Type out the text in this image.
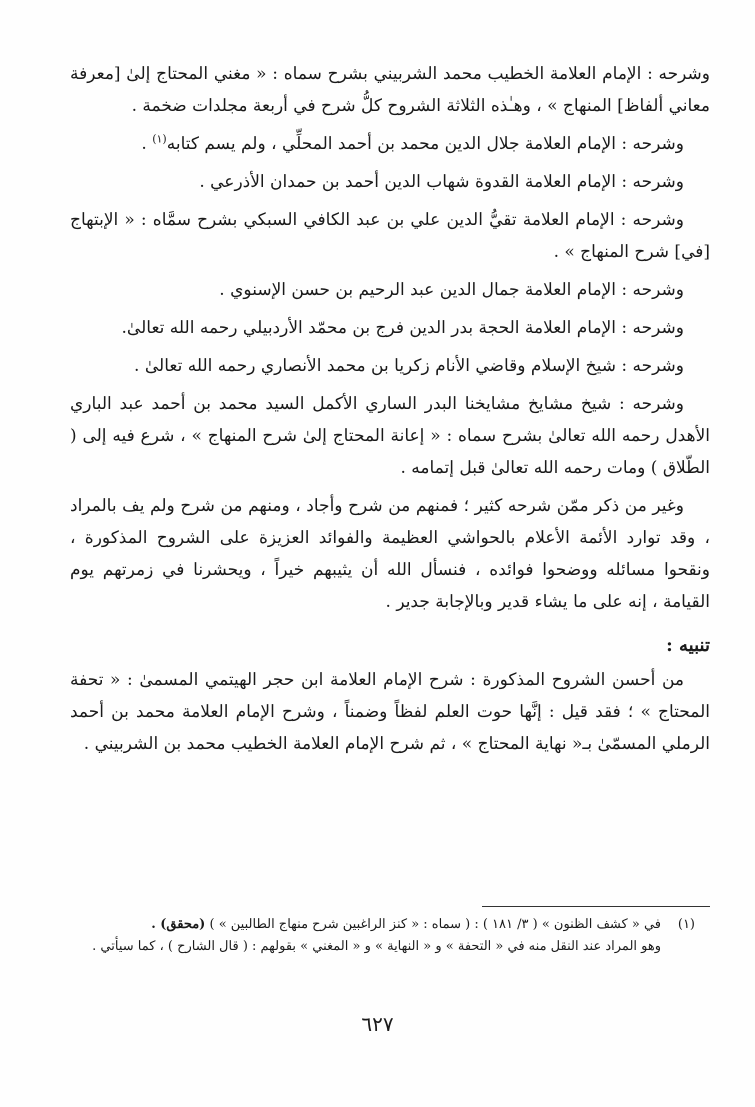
وشرحه : الإمام العلامة الخطيب محمد الشربيني بشرح سماه : « مغني المحتاج إلىٰ [معرفة معاني ألفاظ] المنهاج » ، وهـٰذه الثلاثة الشروح كلُّ شرح في أربعة مجلدات ضخمة .

وشرحه : الإمام العلامة جلال الدين محمد بن أحمد المحلِّي ، ولم يسم كتابه$^{(١)}$ .

وشرحه : الإمام العلامة القدوة شهاب الدين أحمد بن حمدان الأذرعي .

وشرحه : الإمام العلامة تقيُّ الدين علي بن عبد الكافي السبكي بشرح سمَّاه : « الإبتهاج [في] شرح المنهاج » .

وشرحه : الإمام العلامة جمال الدين عبد الرحيم بن حسن الإسنوي .

وشرحه : الإمام العلامة الحجة بدر الدين فرج بن محمّد الأردبيلي رحمه الله تعالىٰ.

وشرحه : شيخ الإسلام وقاضي الأنام زكريا بن محمد الأنصاري رحمه الله تعالىٰ .

وشرحه : شيخ مشايخ مشايخنا البدر الساري الأكمل السيد محمد بن أحمد عبد الباري الأهدل رحمه الله تعالىٰ بشرح سماه : « إعانة المحتاج إلىٰ شرح المنهاج » ، شرع فيه إلى ( الطّلاق ) ومات رحمه الله تعالىٰ قبل إتمامه .

وغير من ذكر ممّن شرحه كثير ؛ فمنهم من شرح وأجاد ، ومنهم من شرح ولم يف بالمراد ، وقد توارد الأئمة الأعلام بالحواشي العظيمة والفوائد العزيزة على الشروح المذكورة ، ونقحوا مسائله ووضحوا فوائده ، فنسأل الله أن يثيبهم خيراً ، ويحشرنا في زمرتهم يوم القيامة ، إنه على ما يشاء قدير وبالإجابة جدير .

تنبيه :

من أحسن الشروح المذكورة : شرح الإمام العلامة ابن حجر الهيتمي المسمىٰ : « تحفة المحتاج » ؛ فقد قيل : إنَّها حوت العلم لفظاً وضمناً ، وشرح الإمام العلامة محمد بن أحمد الرملي المسمّىٰ بـ« نهاية المحتاج » ، ثم شرح الإمام العلامة الخطيب محمد بن الشربيني .

(١)في « كشف الظنون » ( ٣/ ١٨١ ) : ( سماه : « كنز الراغبين شرح منهاج الطالبين » ) (محقق) .

وهو المراد عند النقل منه في « التحفة » و « النهاية » و « المغني » بقولهم : ( قال الشارح ) ، كما سيأتي .

٦٢٧
